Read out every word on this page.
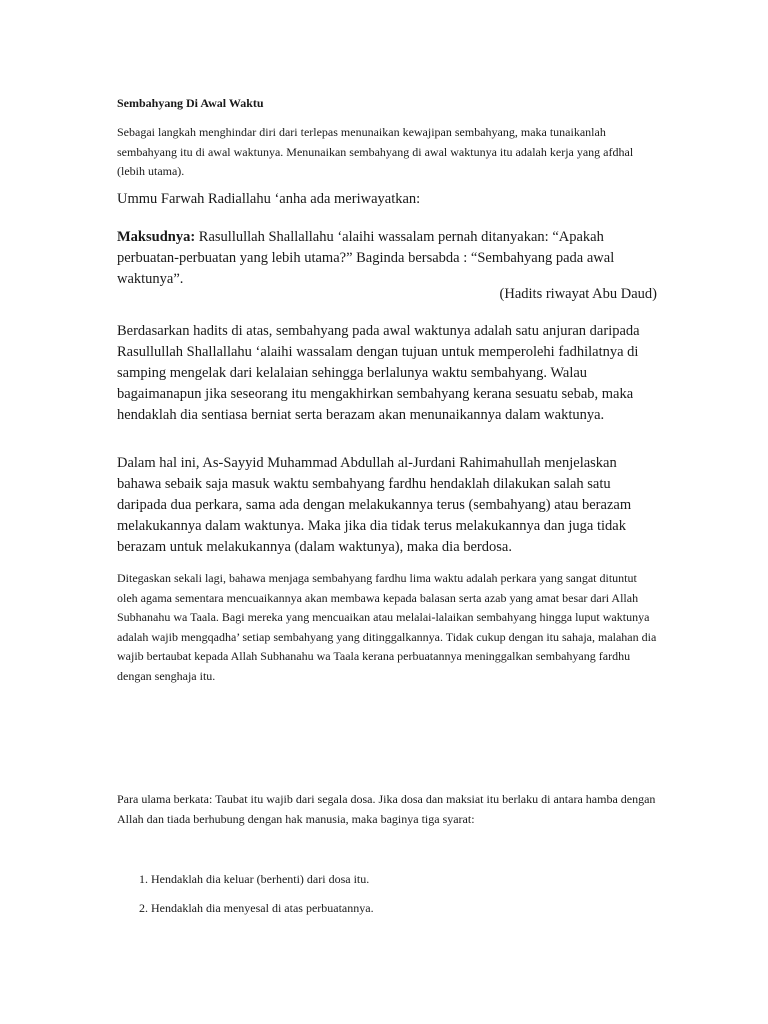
Sembahyang Di Awal Waktu

Sebagai langkah menghindar diri dari terlepas menunaikan kewajipan sembahyang, maka tunaikanlah sembahyang itu di awal waktunya. Menunaikan sembahyang di awal waktunya itu adalah kerja yang afdhal (lebih utama).

Ummu Farwah Radiallahu ‘anha ada meriwayatkan:

Maksudnya: Rasullullah Shallallahu ‘alaihi wassalam pernah ditanyakan: “Apakah perbuatan-perbuatan yang lebih utama?” Baginda bersabda : “Sembahyang pada awal waktunya”.

(Hadits riwayat Abu Daud)

Berdasarkan hadits di atas, sembahyang pada awal waktunya adalah satu anjuran daripada Rasullullah Shallallahu ‘alaihi wassalam dengan tujuan untuk memperolehi fadhilatnya di samping mengelak dari kelalaian sehingga berlalunya waktu sembahyang. Walau bagaimanapun jika seseorang itu mengakhirkan sembahyang kerana sesuatu sebab, maka hendaklah dia sentiasa berniat serta berazam akan menunaikannya dalam waktunya.

Dalam hal ini, As-Sayyid Muhammad Abdullah al-Jurdani Rahimahullah menjelaskan bahawa sebaik saja masuk waktu sembahyang fardhu hendaklah dilakukan salah satu daripada dua perkara, sama ada dengan melakukannya terus (sembahyang) atau berazam melakukannya dalam waktunya. Maka jika dia tidak terus melakukannya dan juga tidak berazam untuk melakukannya (dalam waktunya), maka dia berdosa.

Ditegaskan sekali lagi, bahawa menjaga sembahyang fardhu lima waktu adalah perkara yang sangat dituntut oleh agama sementara mencuaikannya akan membawa kepada balasan serta azab yang amat besar dari Allah Subhanahu wa Taala. Bagi mereka yang mencuaikan atau melalai-lalaikan sembahyang hingga luput waktunya adalah wajib mengqadha’ setiap sembahyang yang ditinggalkannya. Tidak cukup dengan itu sahaja, malahan dia wajib bertaubat kepada Allah Subhanahu wa Taala kerana perbuatannya meninggalkan sembahyang fardhu dengan senghaja itu.

Para ulama berkata: Taubat itu wajib dari segala dosa. Jika dosa dan maksiat itu berlaku di antara hamba dengan Allah dan tiada berhubung dengan hak manusia, maka baginya tiga syarat:

1. Hendaklah dia keluar (berhenti) dari dosa itu.

2. Hendaklah dia menyesal di atas perbuatannya.
